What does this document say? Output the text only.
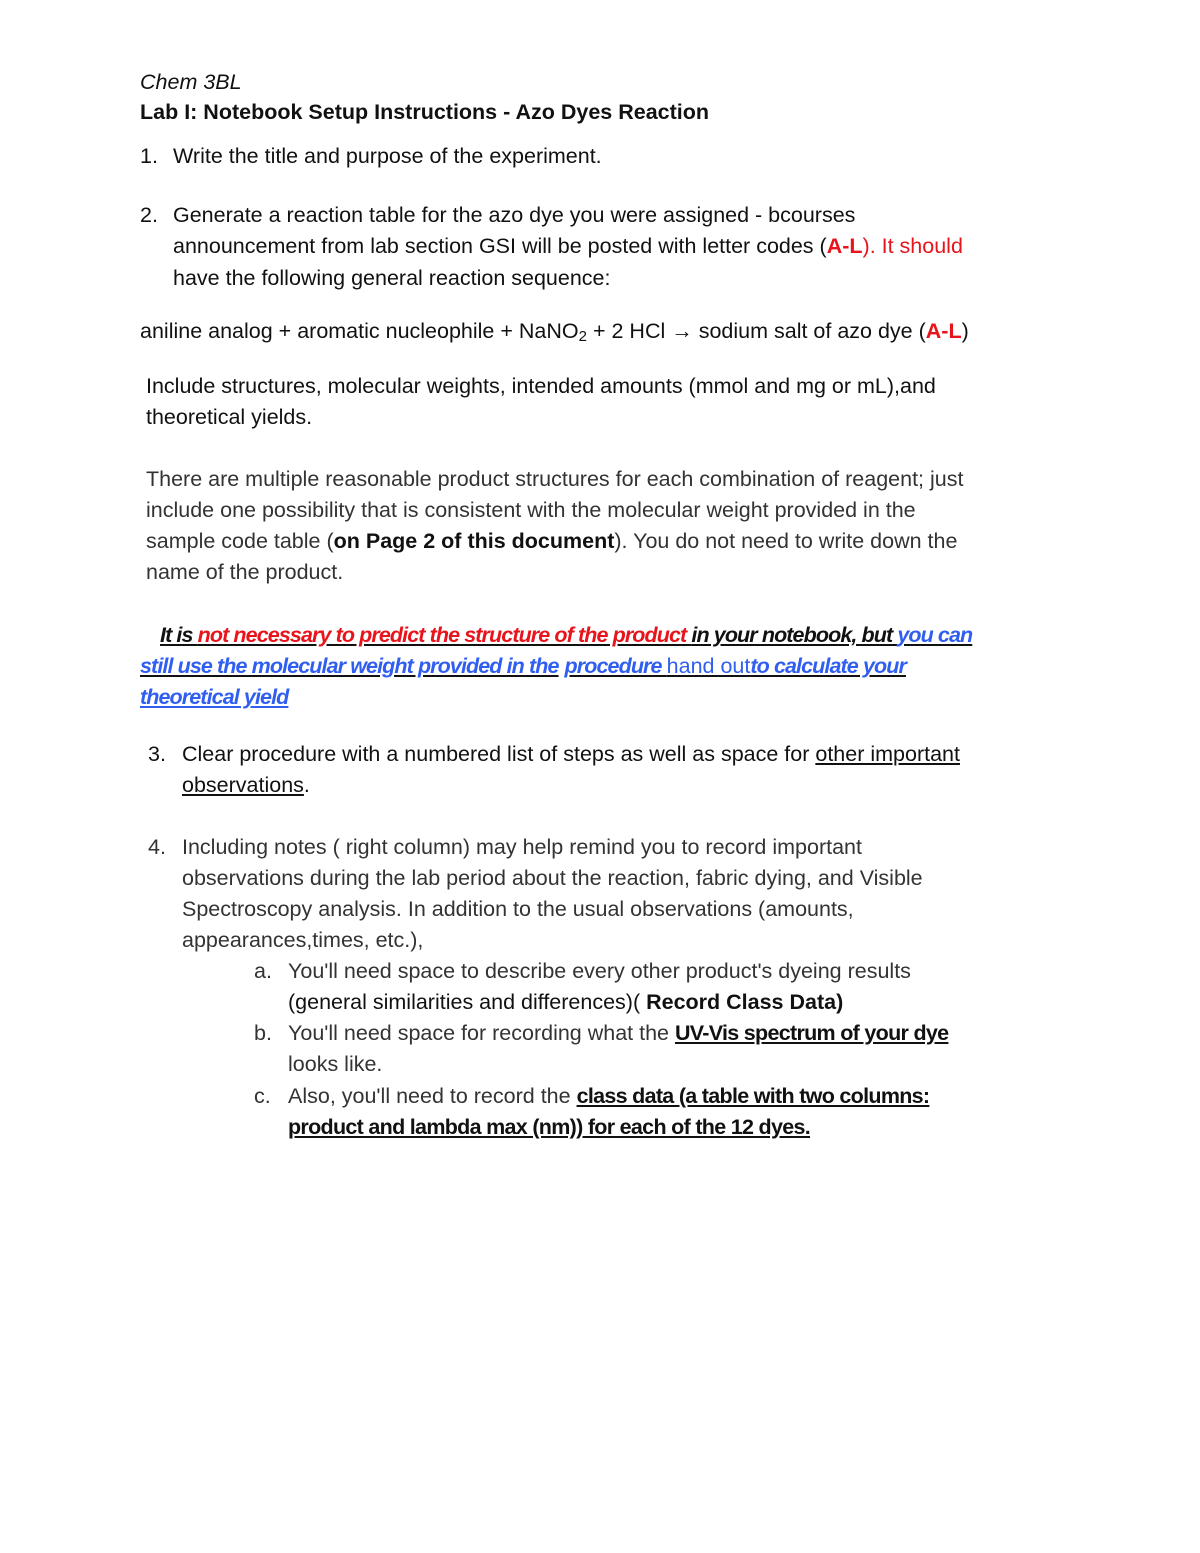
Chem 3BL
Lab I: Notebook Setup Instructions - Azo Dyes Reaction
1. Write the title and purpose of the experiment.
2. Generate a reaction table for the azo dye you were assigned - bcourses
announcement from lab section GSI will be posted with letter codes (A-L). It should
have the following general reaction sequence:
aniline analog + aromatic nucleophile + NaNO$_2$ + 2 HCl → sodium salt of azo dye (A-L)
Include structures, molecular weights, intended amounts (mmol and mg or mL),and
theoretical yields.
There are multiple reasonable product structures for each combination of reagent; just
include one possibility that is consistent with the molecular weight provided in the
sample code table (on Page 2 of this document). You do not need to write down the
name of the product.
It is not necessary to predict the structure of the product in your notebook, but you can
still use the molecular weight provided in the procedure hand outto calculate your
theoretical yield
3. Clear procedure with a numbered list of steps as well as space for other important
observations.
4. Including notes ( right column) may help remind you to record important
observations during the lab period about the reaction, fabric dying, and Visible
Spectroscopy analysis. In addition to the usual observations (amounts,
appearances,times, etc.),
a. You'll need space to describe every other product's dyeing results
(general similarities and differences)( Record Class Data)
b. You'll need space for recording what the UV-Vis spectrum of your dye
looks like.
c. Also, you'll need to record the class data (a table with two columns:
product and lambda max (nm)) for each of the 12 dyes.
